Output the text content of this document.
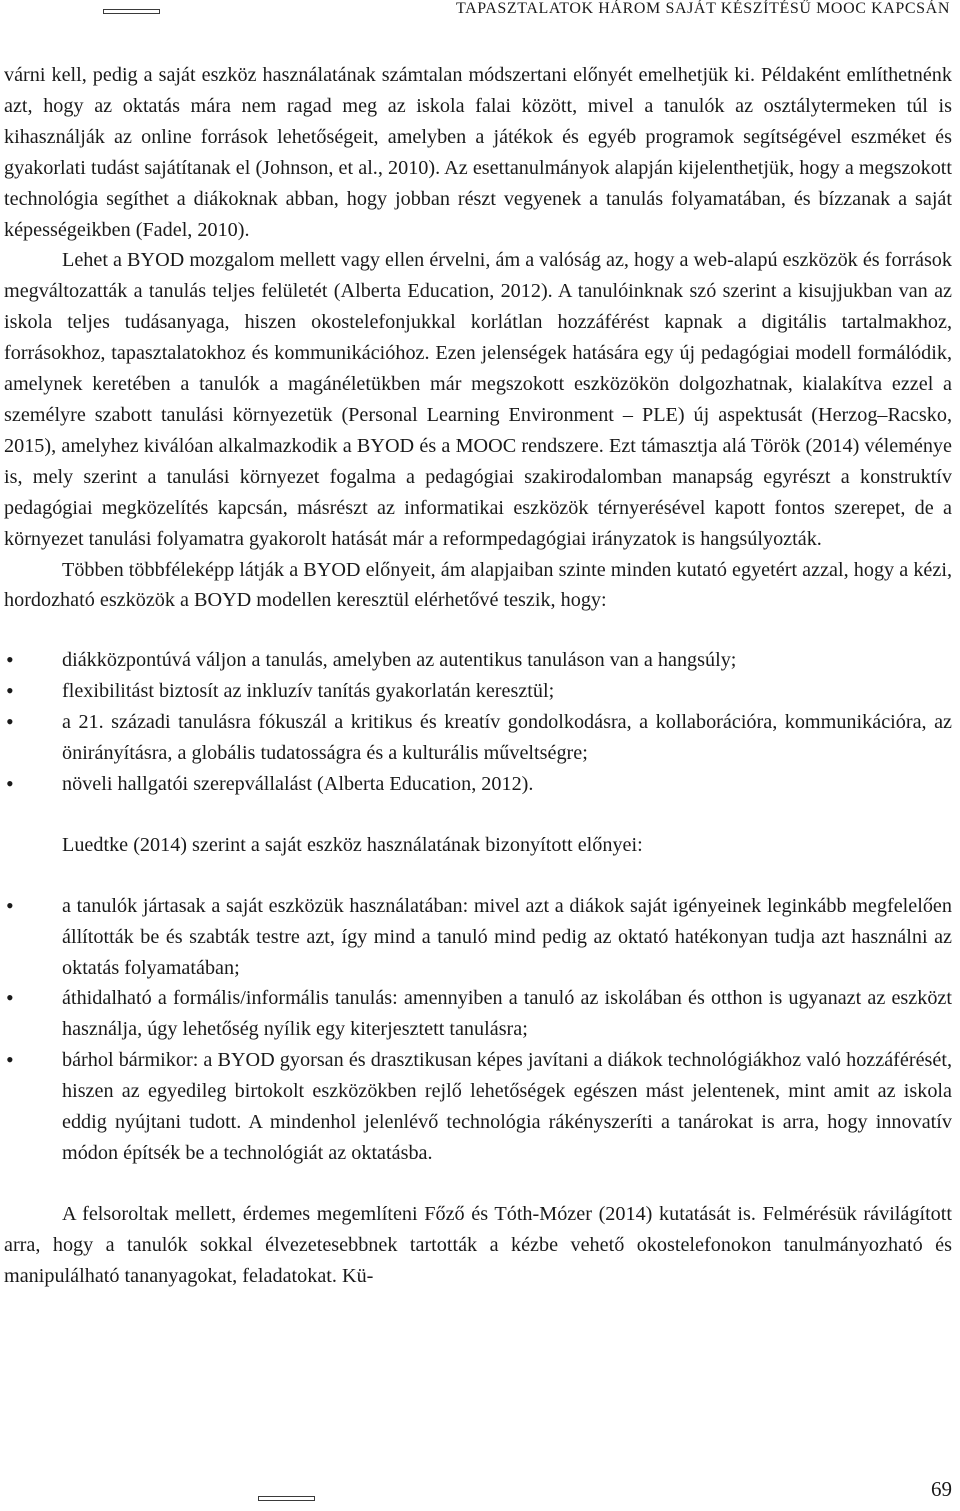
TAPASZTALATOK HÁROM SAJÁT KÉSZÍTÉSŰ MOOC KAPCSÁN

várni kell, pedig a saját eszköz használatának számtalan módszertani előnyét emelhetjük ki. Példaként említhetnénk azt, hogy az oktatás mára nem ragad meg az iskola falai között, mivel a tanulók az osztálytermeken túl is kihasználják az online források lehetőségeit, amelyben a játékok és egyéb programok segítségével eszméket és gyakorlati tudást sajátítanak el (Johnson, et al., 2010). Az esettanulmányok alapján kijelenthetjük, hogy a megszokott technológia segíthet a diákoknak abban, hogy jobban részt vegyenek a tanulás folyamatában, és bízzanak a saját képességeikben (Fadel, 2010).

Lehet a BYOD mozgalom mellett vagy ellen érvelni, ám a valóság az, hogy a web-alapú eszközök és források megváltozatták a tanulás teljes felületét (Alberta Education, 2012). A tanulóinknak szó szerint a kisujjukban van az iskola teljes tudásanyaga, hiszen okostelefonjukkal korlátlan hozzáférést kapnak a digitális tartalmakhoz, forrásokhoz, tapasztalatokhoz és kommunikációhoz. Ezen jelenségek hatására egy új pedagógiai modell formálódik, amelynek keretében a tanulók a magánéletükben már megszokott eszközökön dolgozhatnak, kialakítva ezzel a személyre szabott tanulási környezetük (Personal Learning Environment – PLE) új aspektusát (Herzog–Racsko, 2015), amelyhez kiválóan alkalmazkodik a BYOD és a MOOC rendszere. Ezt támasztja alá Török (2014) véleménye is, mely szerint a tanulási környezet fogalma a pedagógiai szakirodalomban manapság egyrészt a konstruktív pedagógiai megközelítés kapcsán, másrészt az informatikai eszközök térnyerésével kapott fontos szerepet, de a környezet tanulási folyamatra gyakorolt hatását már a reformpedagógiai irányzatok is hangsúlyozták.

Többen többféleképp látják a BYOD előnyeit, ám alapjaiban szinte minden kutató egyetért azzal, hogy a kézi, hordozható eszközök a BOYD modellen keresztül elérhetővé teszik, hogy:

• diákközpontúvá váljon a tanulás, amelyben az autentikus tanuláson van a hangsúly;
• flexibilitást biztosít az inkluzív tanítás gyakorlatán keresztül;
• a 21. századi tanulásra fókuszál a kritikus és kreatív gondolkodásra, a kollaborációra, kommunikációra, az önirányításra, a globális tudatosságra és a kulturális műveltségre;
• növeli hallgatói szerepvállalást (Alberta Education, 2012).

Luedtke (2014) szerint a saját eszköz használatának bizonyított előnyei:

• a tanulók jártasak a saját eszközük használatában: mivel azt a diákok saját igényeinek leginkább megfelelően állították be és szabták testre azt, így mind a tanuló mind pedig az oktató hatékonyan tudja azt használni az oktatás folyamatában;
• áthidalható a formális/informális tanulás: amennyiben a tanuló az iskolában és otthon is ugyanazt az eszközt használja, úgy lehetőség nyílik egy kiterjesztett tanulásra;
• bárhol bármikor: a BYOD gyorsan és drasztikusan képes javítani a diákok technológiákhoz való hozzáférését, hiszen az egyedileg birtokolt eszközökben rejlő lehetőségek egészen mást jelentenek, mint amit az iskola eddig nyújtani tudott. A mindenhol jelenlévő technológia rákényszeríti a tanárokat is arra, hogy innovatív módon építsék be a technológiát az oktatásba.

A felsoroltak mellett, érdemes megemlíteni Főző és Tóth-Mózer (2014) kutatását is. Felmérésük rávilágított arra, hogy a tanulók sokkal élvezetesebbnek tartották a kézbe vehető okostelefonokon tanulmányozható és manipulálható tananyagokat, feladatokat. Kü-

69
